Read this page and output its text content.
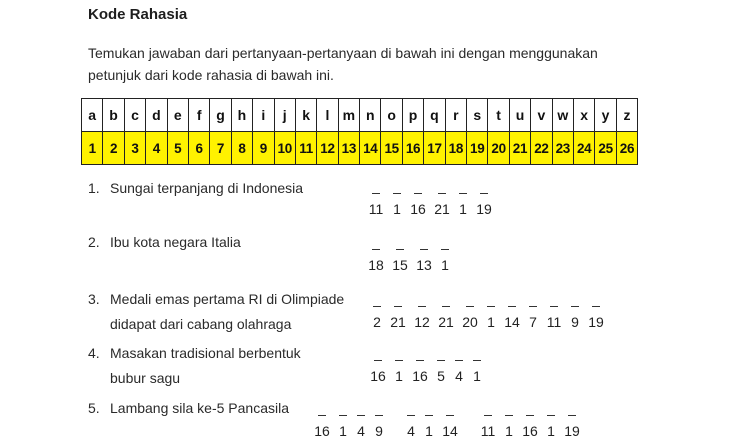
Kode Rahasia
Temukan jawaban dari pertanyaan-pertanyaan di bawah ini dengan menggunakan petunjuk dari kode rahasia di bawah ini.
a	b	c	d	e	f	g	h	i	j	k	l	m	n	o	p	q	r	s	t	u	v	w	x	y	z
1	2	3	4	5	6	7	8	9	10	11	12	13	14	15	16	17	18	19	20	21	22	23	24	25	26
1. Sungai terpanjang di Indonesia
11 1 16 21 1 19
2. Ibu kota negara Italia
18 15 13 1
3. Medali emas pertama RI di Olimpiade
didapat dari cabang olahraga	2 21 12 21 20 1 14 7 11 9 19
4. Masakan tradisional berbentuk
bubur sagu	16 1 16 5 4 1
5. Lambang sila ke-5 Pancasila
16 1 4 9	4 1 14	11 1 16 1 19
